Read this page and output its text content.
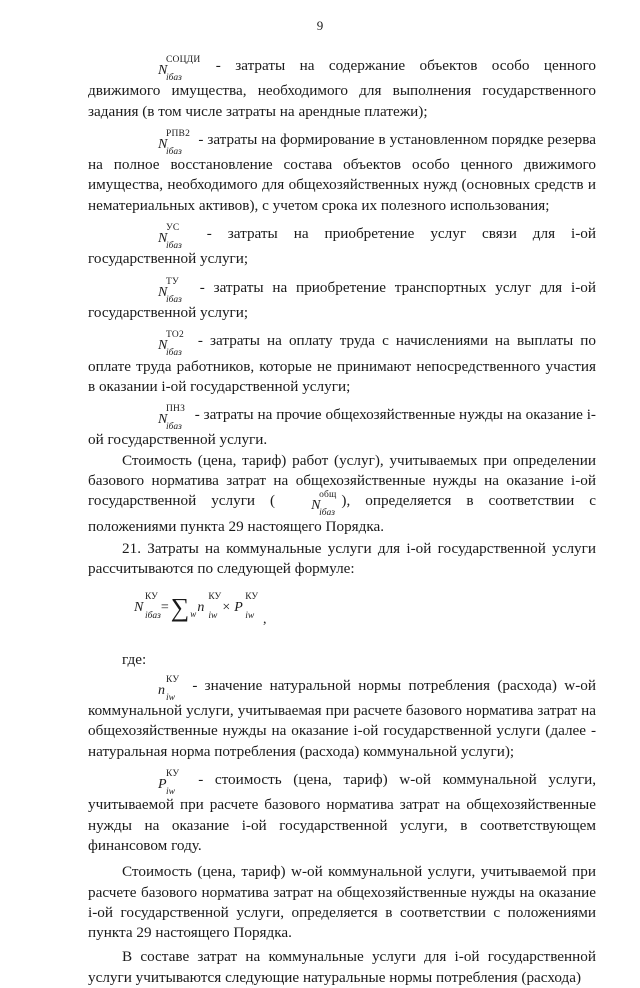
9

N
СОЦДИ
iбаз
- затраты на содержание объектов особо ценного движимого имущества, необходимого для выполнения государственного задания (в том числе затраты на арендные платежи);

N
РПВ2
iбаз
- затраты на формирование в установленном порядке резерва на полное восстановление состава объектов особо ценного движимого имущества, необходимого для общехозяйственных нужд (основных средств и нематериальных активов), с учетом срока их полезного использования;

N
УС
iбаз
- затраты на приобретение услуг связи для i-ой государственной услуги;

N
ТУ
iбаз
- затраты на приобретение транспортных услуг для i-ой государственной услуги;

N
ТО2
iбаз
- затраты на оплату труда с начислениями на выплаты по оплате труда работников, которые не принимают непосредственного участия в оказании i-ой государственной услуги;

N
ПНЗ
iбаз
- затраты на прочие общехозяйственные нужды на оказание i-ой государственной услуги.

Стоимость (цена, тариф) работ (услуг), учитываемых при определении базового норматива затрат на общехозяйственные нужды на оказание i-ой государственной услуги (	N
общ
iбаз
), определяется в соответствии с положениями пункта 29 настоящего Порядка.

21. Затраты на коммунальные услуги для i-ой государственной услуги рассчитываются по следующей формуле:

N
КУ
iбаз
$=\sum_wn$
КУ
iw
× P
КУ
iw
,

где:

n
КУ
iw
- значение натуральной нормы потребления (расхода) w-ой коммунальной услуги, учитываемая при расчете базового норматива затрат на общехозяйственные нужды на оказание i-ой государственной услуги (далее - натуральная норма потребления (расхода) коммунальной услуги);

P
КУ
iw
- стоимость (цена, тариф) w-ой коммунальной услуги, учитываемой при расчете базового норматива затрат на общехозяйственные нужды на оказание i-ой государственной услуги, в соответствующем финансовом году.

Стоимость (цена, тариф) w-ой коммунальной услуги, учитываемой при расчете базового норматива затрат на общехозяйственные нужды на оказание i-ой государственной услуги, определяется в соответствии с положениями пункта 29 настоящего Порядка.

В составе затрат на коммунальные услуги для i-ой государственной услуги учитываются следующие натуральные нормы потребления (расхода)
